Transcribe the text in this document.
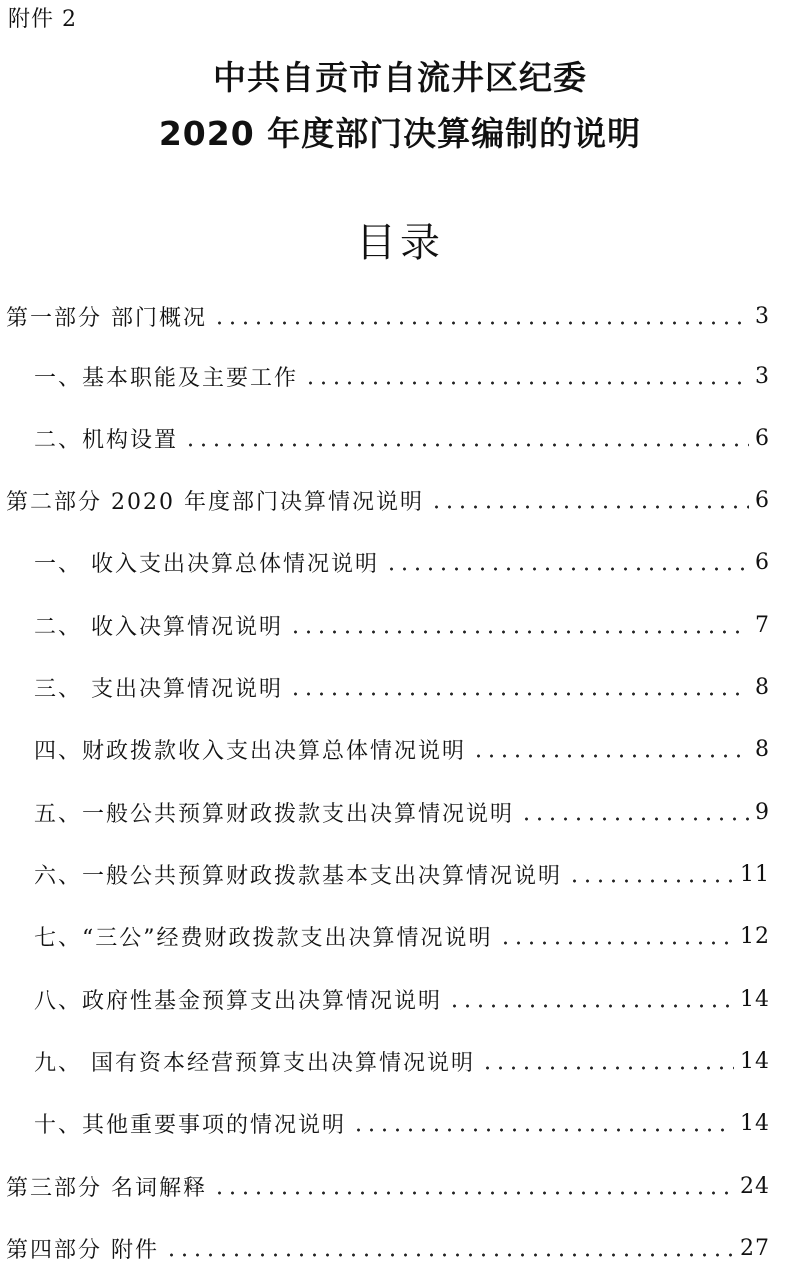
附件 2
中共自贡市自流井区纪委
2020 年度部门决算编制的说明
目录
第一部分 部门概况	3
一、基本职能及主要工作	3
二、机构设置	6
第二部分 2020 年度部门决算情况说明	6
一、 收入支出决算总体情况说明	6
二、 收入决算情况说明	7
三、 支出决算情况说明	8
四、财政拨款收入支出决算总体情况说明	8
五、一般公共预算财政拨款支出决算情况说明	9
六、一般公共预算财政拨款基本支出决算情况说明	11
七、“三公”经费财政拨款支出决算情况说明	12
八、政府性基金预算支出决算情况说明	14
九、 国有资本经营预算支出决算情况说明	14
十、其他重要事项的情况说明	14
第三部分 名词解释	24
第四部分 附件	27
